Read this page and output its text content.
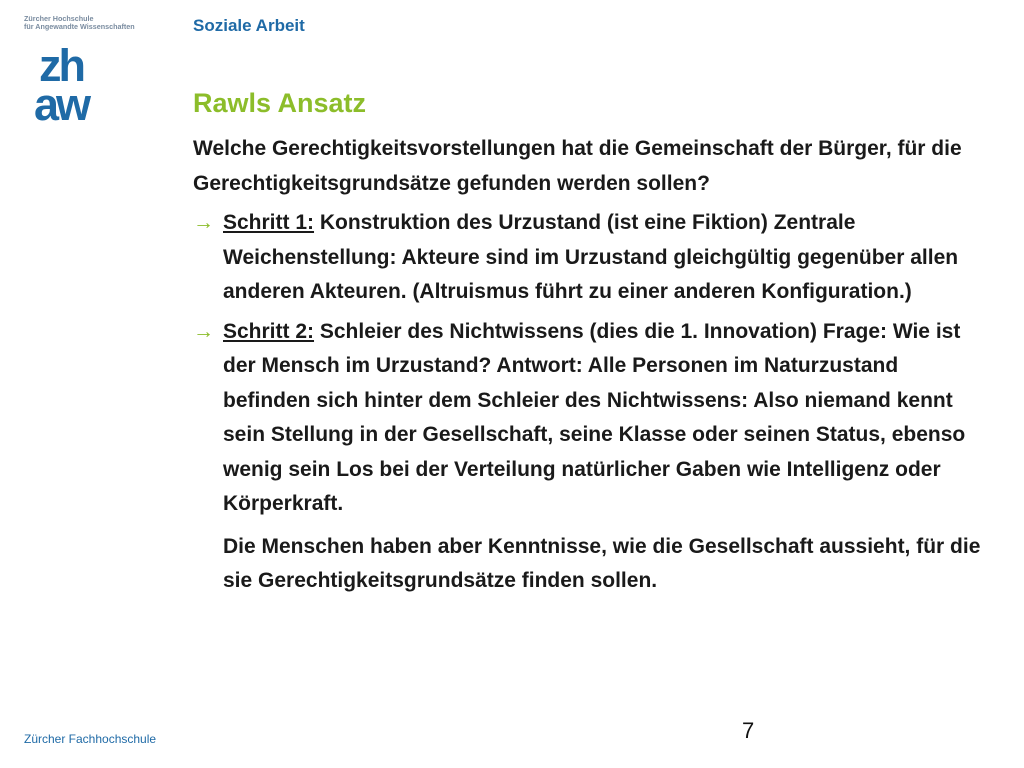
Zürcher Hochschule
für Angewandte Wissenschaften	Soziale Arbeit
zh
aw	Rawls Ansatz

Welche Gerechtigkeitsvorstellungen hat die Gemeinschaft der Bürger, für die Gerechtigkeitsgrundsätze gefunden werden sollen?

→ Schritt 1: Konstruktion des Urzustand (ist eine Fiktion) Zentrale Weichenstellung: Akteure sind im Urzustand gleichgültig gegenüber allen anderen Akteuren. (Altruismus führt zu einer anderen Konfiguration.)
→ Schritt 2: Schleier des Nichtwissens (dies die 1. Innovation) Frage: Wie ist der Mensch im Urzustand? Antwort: Alle Personen im Naturzustand befinden sich hinter dem Schleier des Nichtwissens: Also niemand kennt sein Stellung in der Gesellschaft, seine Klasse oder seinen Status, ebenso wenig sein Los bei der Verteilung natürlicher Gaben wie Intelligenz oder Körperkraft.

Die Menschen haben aber Kenntnisse, wie die Gesellschaft aussieht, für die sie Gerechtigkeitsgrundsätze finden sollen.

Zürcher Fachhochschule	7
